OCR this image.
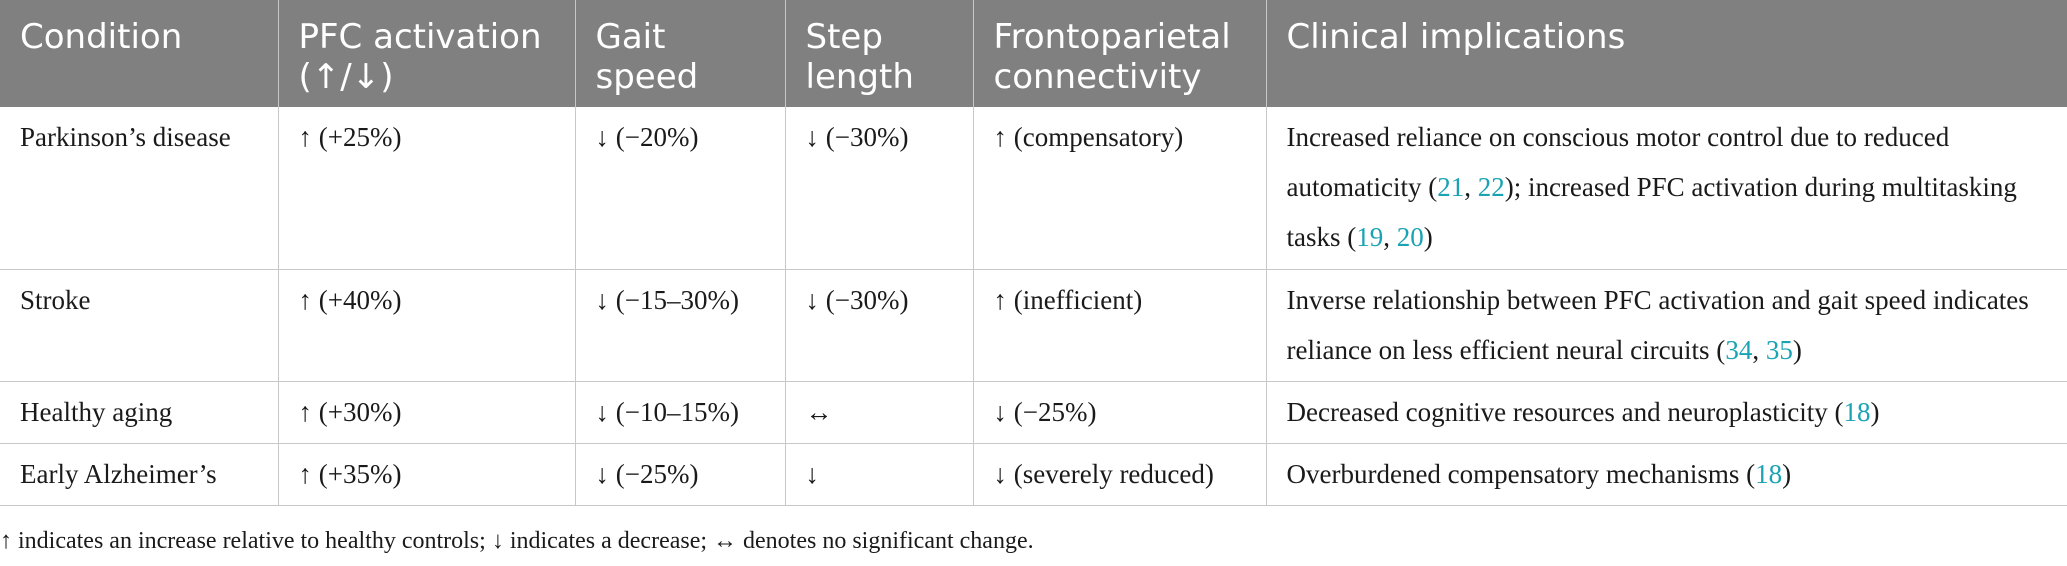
Condition	PFC activation (↑/↓)	Gait speed	Step length	Frontoparietal connectivity	Clinical implications
Parkinson’s disease	↑ (+25%)	↓ (−20%)	↓ (−30%)	↑ (compensatory)	Increased reliance on conscious motor control due to reduced automaticity (21, 22); increased PFC activation during multitasking tasks (19, 20)
Stroke	↑ (+40%)	↓ (−15–30%)	↓ (−30%)	↑ (inefficient)	Inverse relationship between PFC activation and gait speed indicates reliance on less efficient neural circuits (34, 35)
Healthy aging	↑ (+30%)	↓ (−10–15%)	↔	↓ (−25%)	Decreased cognitive resources and neuroplasticity (18)
Early Alzheimer’s	↑ (+35%)	↓ (−25%)	↓	↓ (severely reduced)	Overburdened compensatory mechanisms (18)
↑ indicates an increase relative to healthy controls; ↓ indicates a decrease; ↔ denotes no significant change.
